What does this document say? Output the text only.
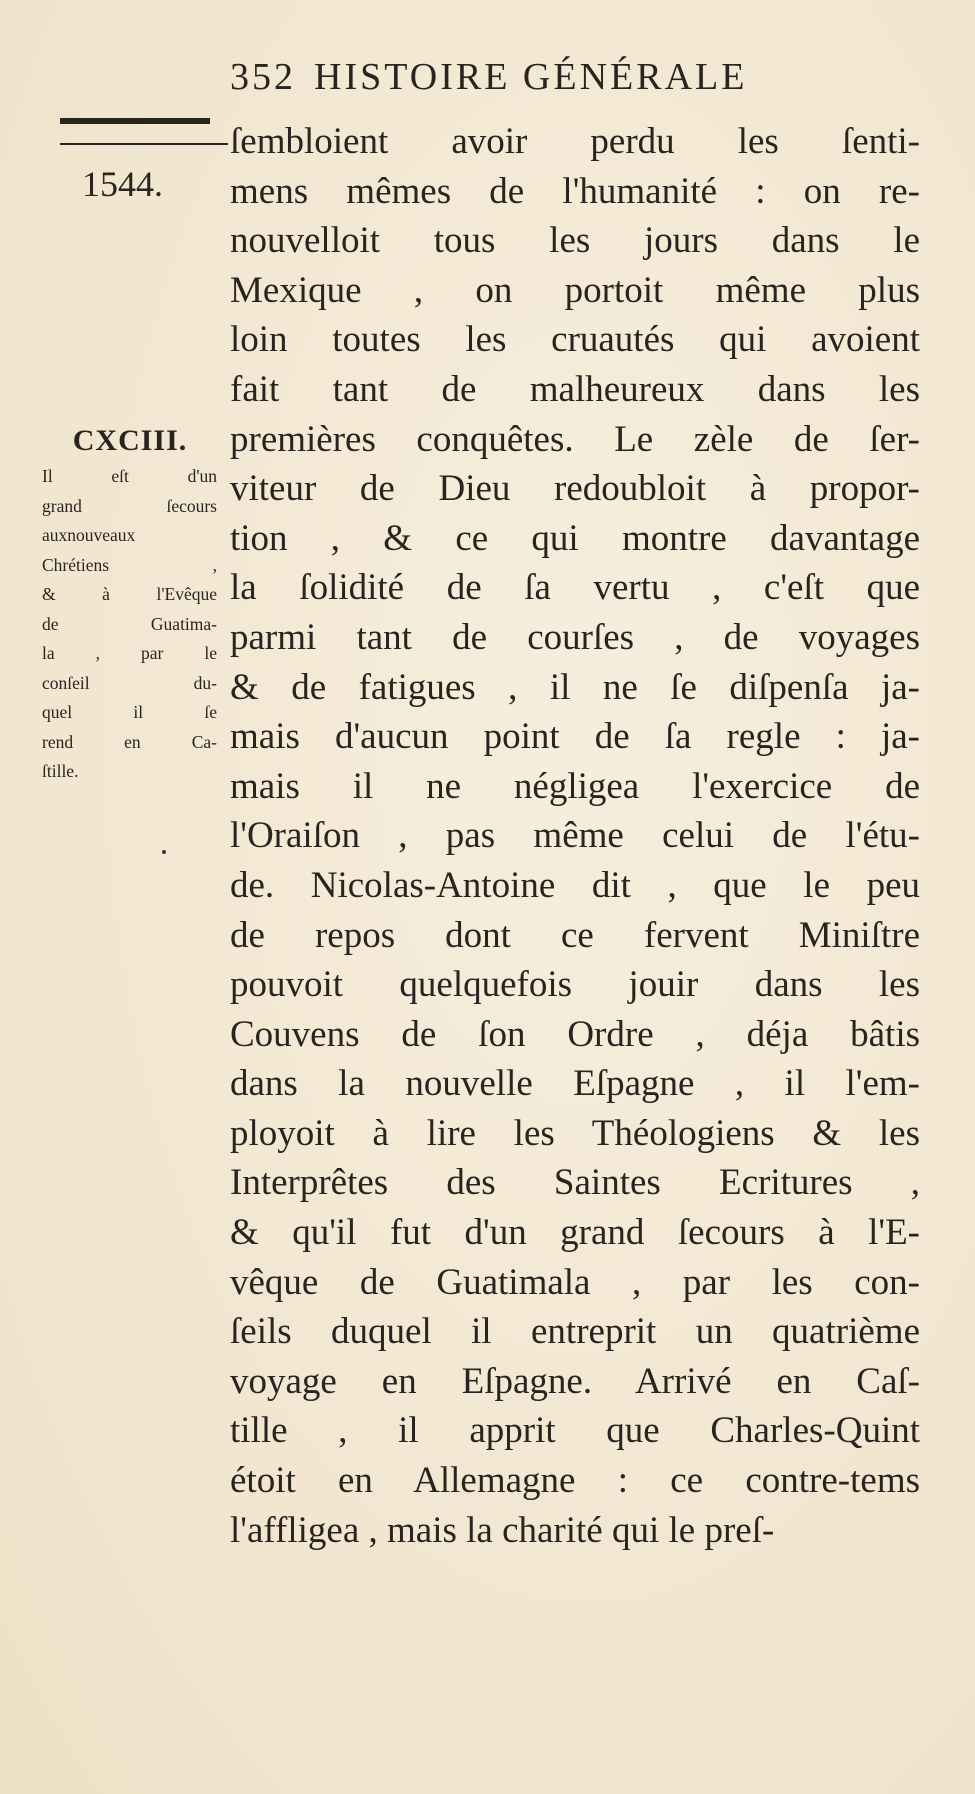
352 HISTOIRE GÉNÉRALE
1544.
CXCIII.
Il eſt d'un
grand ſecours
auxnouveaux
Chrétiens ,
& à l'Evêque
de Guatima-
la , par le
conſeil du-
quel il ſe
rend en Ca-
ſtille.
ſembloient avoir perdu les ſenti-
mens mêmes de l'humanité : on re-
nouvelloit tous les jours dans le
Mexique , on portoit même plus
loin toutes les cruautés qui avoient
fait tant de malheureux dans les
premières conquêtes. Le zèle de ſer-
viteur de Dieu redoubloit à propor-
tion , & ce qui montre davantage
la ſolidité de ſa vertu , c'eſt que
parmi tant de courſes , de voyages
& de fatigues , il ne ſe diſpenſa ja-
mais d'aucun point de ſa regle : ja-
mais il ne négligea l'exercice de
l'Oraiſon , pas même celui de l'étu-
de. Nicolas-Antoine dit , que le peu
de repos dont ce fervent Miniſtre
pouvoit quelquefois jouir dans les
Couvens de ſon Ordre , déja bâtis
dans la nouvelle Eſpagne , il l'em-
ployoit à lire les Théologiens & les
Interprêtes des Saintes Ecritures ,
& qu'il fut d'un grand ſecours à l'E-
vêque de Guatimala , par les con-
ſeils duquel il entreprit un quatrième
voyage en Eſpagne. Arrivé en Caſ-
tille , il apprit que Charles-Quint
étoit en Allemagne : ce contre-tems
l'affligea , mais la charité qui le preſ-
